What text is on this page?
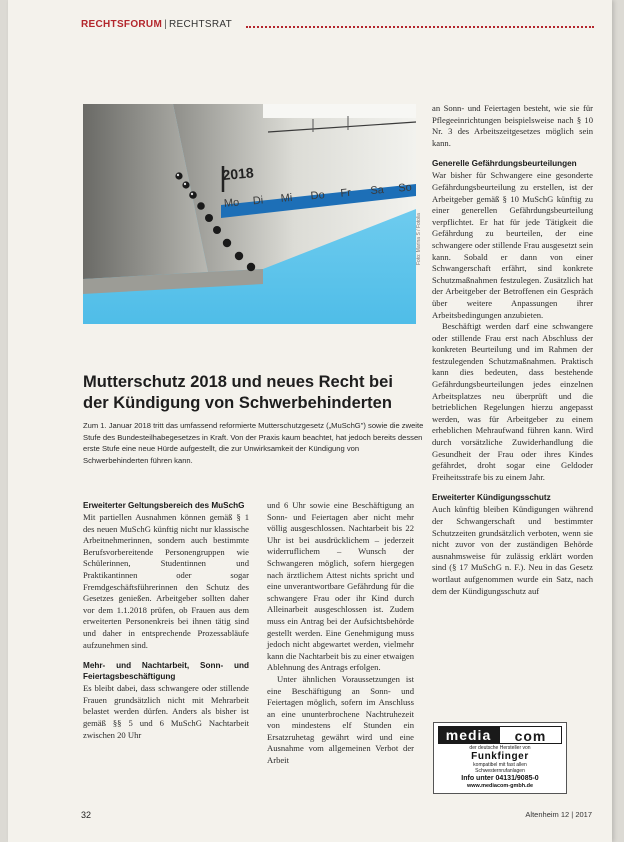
RECHTSFORUM | RECHTSRAT
2018
Mo Di Mi Do Fr Sa So
Foto: Marina S / Fotolia
Mutterschutz 2018 und neues Recht bei
der Kündigung von Schwerbehinderten

Zum 1. Januar 2018 tritt das umfassend reformierte Mutterschutzgesetz („MuSchG") sowie die zweite Stufe des Bundesteilhabegesetzes in Kraft. Von der Praxis kaum beachtet, hat jedoch bereits dessen erste Stufe eine neue Hürde aufgestellt, die zur Unwirksamkeit der Kündigung von Schwerbehinderten führen kann.

Erweiterter Geltungsbereich des MuSchG

Mit partiellen Ausnahmen können gemäß § 1 des neuen MuSchG künftig nicht nur klassische Arbeitnehmerinnen, sondern auch bestimmte Berufsvorbereitende Personengruppen wie Schülerinnen, Studentinnen und Praktikantinnen oder sogar Fremdgeschäftsführerinnen den Schutz des Gesetzes genießen. Arbeitgeber sollten daher vor dem 1.1.2018 prüfen, ob Frauen aus dem erweiterten Personenkreis bei ihnen tätig sind und daher in entsprechende Prozessabläufe aufzunehmen sind.

Mehr- und Nachtarbeit, Sonn- und Feiertagsbeschäftigung

Es bleibt dabei, dass schwangere oder stillende Frauen grundsätzlich nicht mit Mehrarbeit belastet werden dürfen. Anders als bisher ist gemäß §§ 5 und 6 MuSchG Nachtarbeit zwischen 20 Uhr

und 6 Uhr sowie eine Beschäftigung an Sonn- und Feiertagen aber nicht mehr völlig ausgeschlossen. Nachtarbeit bis 22 Uhr ist bei ausdrücklichem – jederzeit widerruflichem – Wunsch der Schwangeren möglich, sofern hiergegen nach ärztlichem Attest nichts spricht und eine unverantwortbare Gefährdung für die schwangere Frau oder ihr Kind durch Alleinarbeit ausgeschlossen ist. Zudem muss ein Antrag bei der Aufsichtsbehörde gestellt werden. Eine Genehmigung muss jedoch nicht abgewartet werden, vielmehr kann die Nachtarbeit bis zu einer etwaigen Ablehnung des Antrags erfolgen.

Unter ähnlichen Voraussetzungen ist eine Beschäftigung an Sonn- und Feiertagen möglich, sofern im Anschluss an eine ununterbrochene Nachtruhezeit von mindestens elf Stunden ein Ersatzruhetag gewährt wird und eine Ausnahme vom allgemeinen Verbot der Arbeit

an Sonn- und Feiertagen besteht, wie sie für Pflegeeinrichtungen beispielsweise nach § 10 Nr. 3 des Arbeitszeitgesetzes möglich sein kann.

Generelle Gefährdungsbeurteilungen

War bisher für Schwangere eine gesonderte Gefährdungsbeurteilung zu erstellen, ist der Arbeitgeber gemäß § 10 MuSchG künftig zu einer generellen Gefährdungsbeurteilung verpflichtet. Er hat für jede Tätigkeit die Gefährdung zu beurteilen, der eine schwangere oder stillende Frau ausgesetzt sein kann. Sobald er dann von einer Schwangerschaft erfährt, sind konkrete Schutzmaßnahmen festzulegen. Zusätzlich hat der Arbeitgeber der Betroffenen ein Gespräch über weitere Anpassungen ihrer Arbeitsbedingungen anzubieten.

Beschäftigt werden darf eine schwangere oder stillende Frau erst nach Abschluss der konkreten Beurteilung und im Rahmen der festzulegenden Schutzmaßnahmen. Praktisch kann dies bedeuten, dass bestehende Gefährdungsbeurteilungen jedes einzelnen Arbeitsplatzes neu überprüft und die betrieblichen Regelungen hierzu angepasst werden, was für Arbeitgeber zu einem erheblichen Mehraufwand führen kann. Wird durch vorsätzliche Zuwiderhandlung die Gesundheit der Frau oder ihres Kindes gefährdet, droht sogar eine Geldoder Freiheitsstrafe bis zu einem Jahr.

Erweiterter Kündigungsschutz

Auch künftig bleiben Kündigungen während der Schwangerschaft und bestimmter Schutzzeiten grundsätzlich verboten, wenn sie nicht zuvor von der zuständigen Behörde ausnahmsweise für zulässig erklärt worden sind (§ 17 MuSchG n. F.). Neu in das Gesetz wortlaut aufgenommen wurde ein Satz, nach dem der Kündigungsschutz auf

media	com
der deutsche Hersteller von
Funkfinger
kompatibel mit fast allen
Schwesternrufanlagen
Info unter 04131/9085-0
www.mediacom-gmbh.de
32	Altenheim 12 | 2017
